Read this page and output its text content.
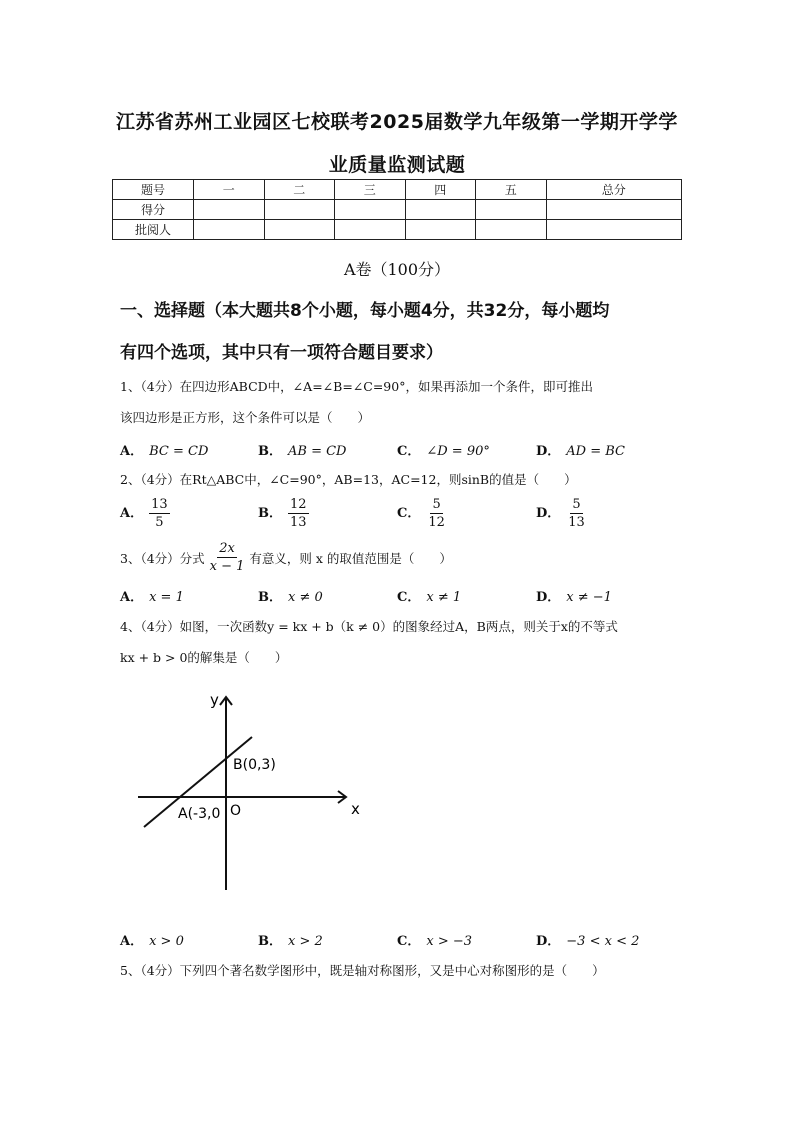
江苏省苏州工业园区七校联考2025届数学九年级第一学期开学学
业质量监测试题
题号	一	二	三	四	五	总分
得分						
批阅人						
A卷（100分）
一、选择题（本大题共8个小题，每小题4分，共32分，每小题均
有四个选项，其中只有一项符合题目要求）
1、（4分）在四边形ABCD中，∠A=∠B=∠C=90°，如果再添加一个条件，即可推出
该四边形是正方形，这个条件可以是（　　）
A． BC = CD	B． AB = CD	C． ∠D = 90°	D． AD = BC
2、（4分）在Rt△ABC中，∠C=90°，AB=13，AC=12，则sinB的值是（　　）
A． $\frac{13}{5}$	B． $\frac{12}{13}$	C． $\frac{5}{12}$	D． $\frac{5}{13}$
3、（4分）分式 $\frac{2x}{x - 1}$ 有意义，则 x 的取值范围是（　　）
A． x = 1	B． x ≠ 0	C． x ≠ 1	D． x ≠ −1
4、（4分）如图，一次函数y = kx + b（k ≠ 0）的图象经过A，B两点，则关于x的不等式
kx + b > 0的解集是（　　）
y
x
O
B(0,3)
A(-3,0
A． x > 0	B． x > 2	C． x > −3	D． −3 < x < 2
5、（4分）下列四个著名数学图形中，既是轴对称图形，又是中心对称图形的是（　　）
